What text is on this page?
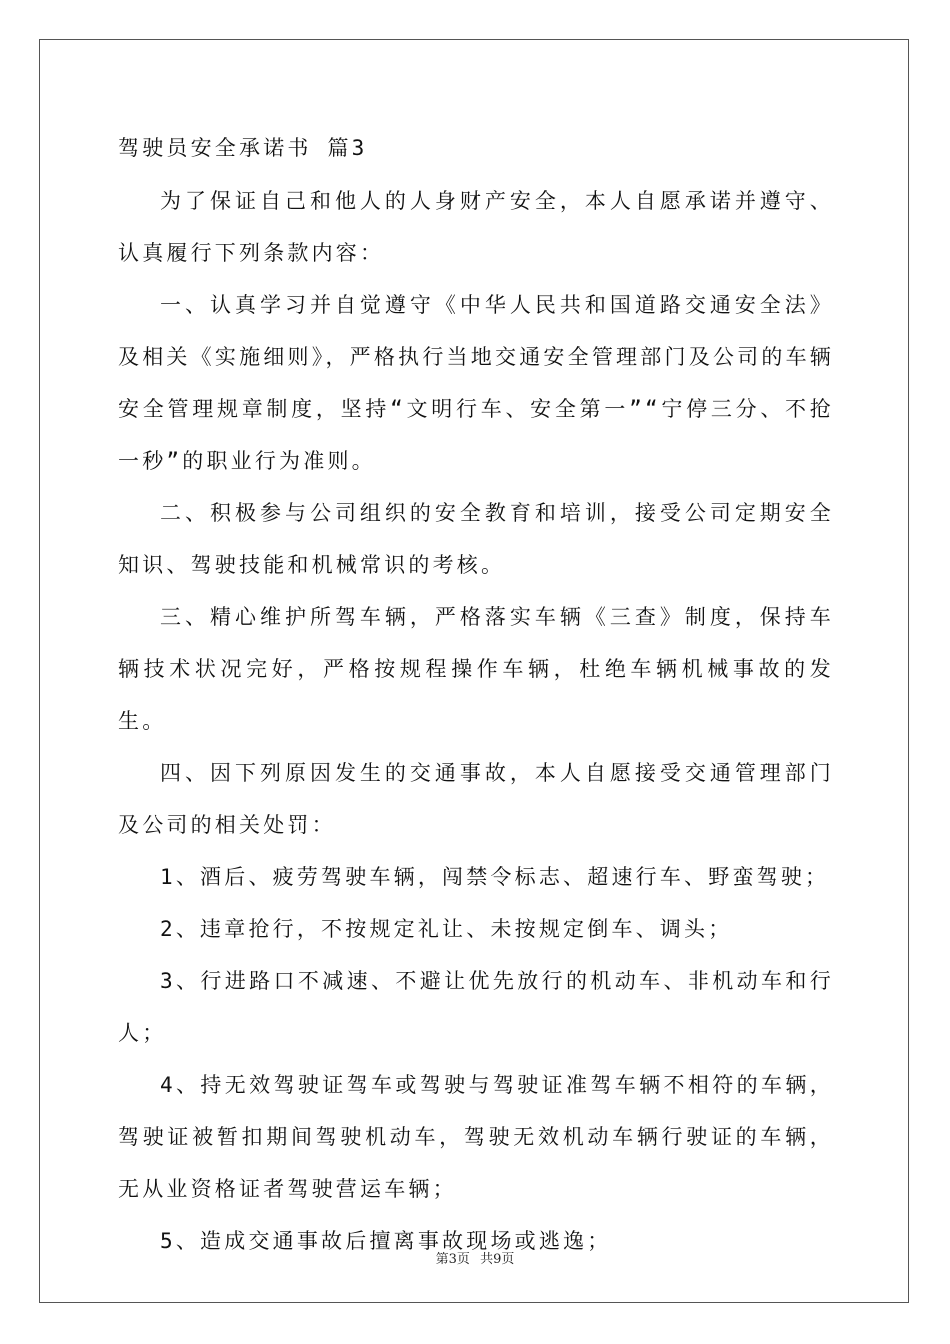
驾驶员安全承诺书 篇3

为了保证自己和他人的人身财产安全，本人自愿承诺并遵守、认真履行下列条款内容：

一、认真学习并自觉遵守《中华人民共和国道路交通安全法》及相关《实施细则》，严格执行当地交通安全管理部门及公司的车辆安全管理规章制度，坚持“文明行车、安全第一”“宁停三分、不抢一秒”的职业行为准则。

二、积极参与公司组织的安全教育和培训，接受公司定期安全知识、驾驶技能和机械常识的考核。

三、精心维护所驾车辆，严格落实车辆《三查》制度，保持车辆技术状况完好，严格按规程操作车辆，杜绝车辆机械事故的发生。

四、因下列原因发生的交通事故，本人自愿接受交通管理部门及公司的相关处罚：

1、酒后、疲劳驾驶车辆，闯禁令标志、超速行车、野蛮驾驶；

2、违章抢行，不按规定礼让、未按规定倒车、调头；

3、行进路口不减速、不避让优先放行的机动车、非机动车和行人；

4、持无效驾驶证驾车或驾驶与驾驶证准驾车辆不相符的车辆，驾驶证被暂扣期间驾驶机动车，驾驶无效机动车辆行驶证的车辆，无从业资格证者驾驶营运车辆；

5、造成交通事故后擅离事故现场或逃逸；

第3页 共9页
